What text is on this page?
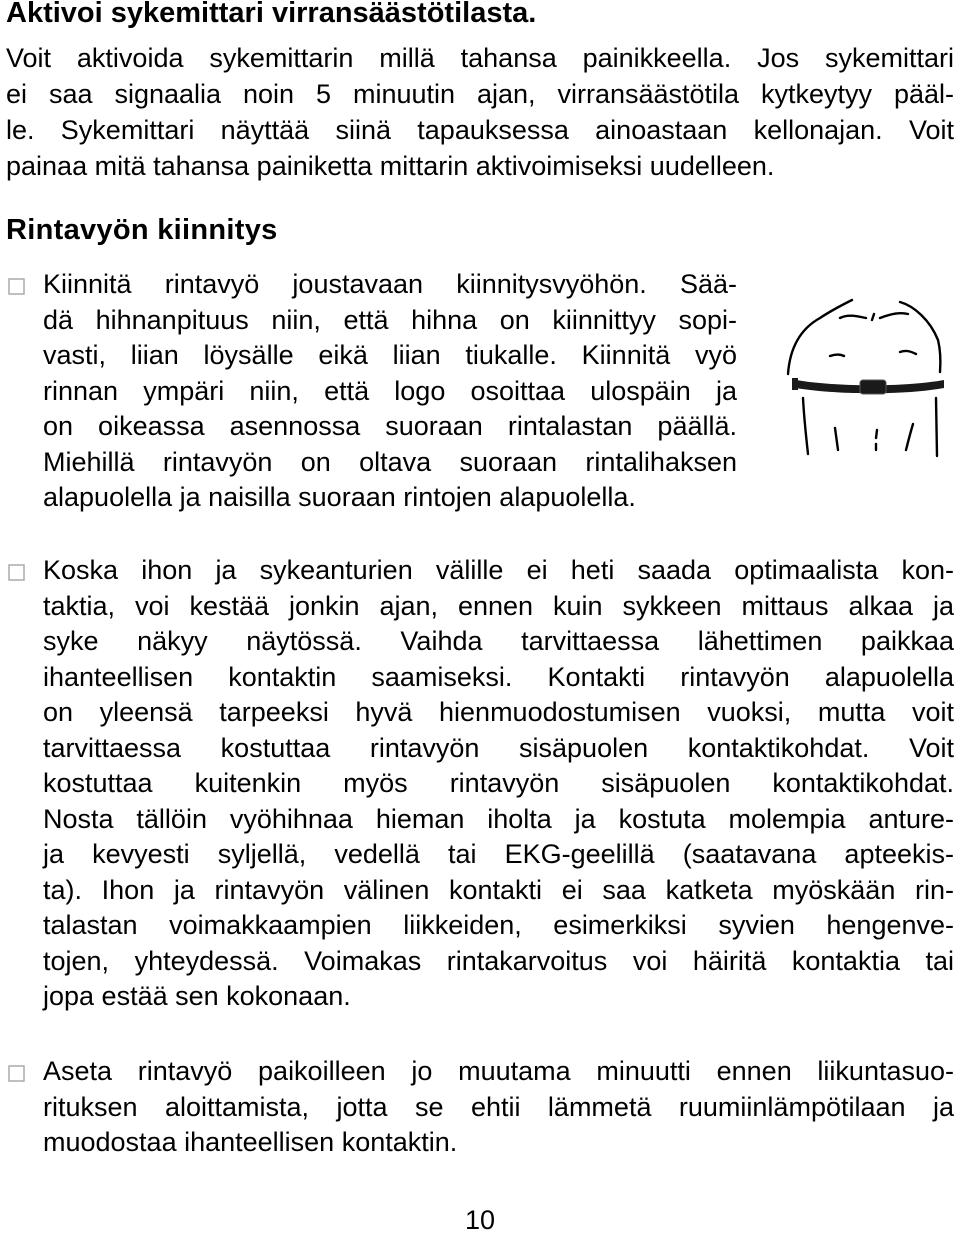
Aktivoi sykemittari virransäästötilasta.
Voit aktivoida sykemittarin millä tahansa painikkeella. Jos sykemittari
ei saa signaalia noin 5 minuutin ajan, virransäästötila kytkeytyy pääl-
le. Sykemittari näyttää siinä tapauksessa ainoastaan kellonajan. Voit
painaa mitä tahansa painiketta mittarin aktivoimiseksi uudelleen.
Rintavyön kiinnitys
Kiinnitä rintavyö joustavaan kiinnitysvyöhön. Sää-
dä hihnanpituus niin, että hihna on kiinnittyy sopi-
vasti, liian löysälle eikä liian tiukalle. Kiinnitä vyö
rinnan ympäri niin, että logo osoittaa ulospäin ja
on oikeassa asennossa suoraan rintalastan päällä.
Miehillä rintavyön on oltava suoraan rintalihaksen
alapuolella ja naisilla suoraan rintojen alapuolella.
Koska ihon ja sykeanturien välille ei heti saada optimaalista kon-
taktia, voi kestää jonkin ajan, ennen kuin sykkeen mittaus alkaa ja
syke näkyy näytössä. Vaihda tarvittaessa lähettimen paikkaa
ihanteellisen kontaktin saamiseksi. Kontakti rintavyön alapuolella
on yleensä tarpeeksi hyvä hienmuodostumisen vuoksi, mutta voit
tarvittaessa kostuttaa rintavyön sisäpuolen kontaktikohdat. Voit
kostuttaa kuitenkin myös rintavyön sisäpuolen kontaktikohdat.
Nosta tällöin vyöhihnaa hieman iholta ja kostuta molempia anture-
ja kevyesti syljellä, vedellä tai EKG-geelillä (saatavana apteekis-
ta). Ihon ja rintavyön välinen kontakti ei saa katketa myöskään rin-
talastan voimakkaampien liikkeiden, esimerkiksi syvien hengenve-
tojen, yhteydessä. Voimakas rintakarvoitus voi häiritä kontaktia tai
jopa estää sen kokonaan.
Aseta rintavyö paikoilleen jo muutama minuutti ennen liikuntasuo-
rituksen aloittamista, jotta se ehtii lämmetä ruumiinlämpötilaan ja
muodostaa ihanteellisen kontaktin.

10
